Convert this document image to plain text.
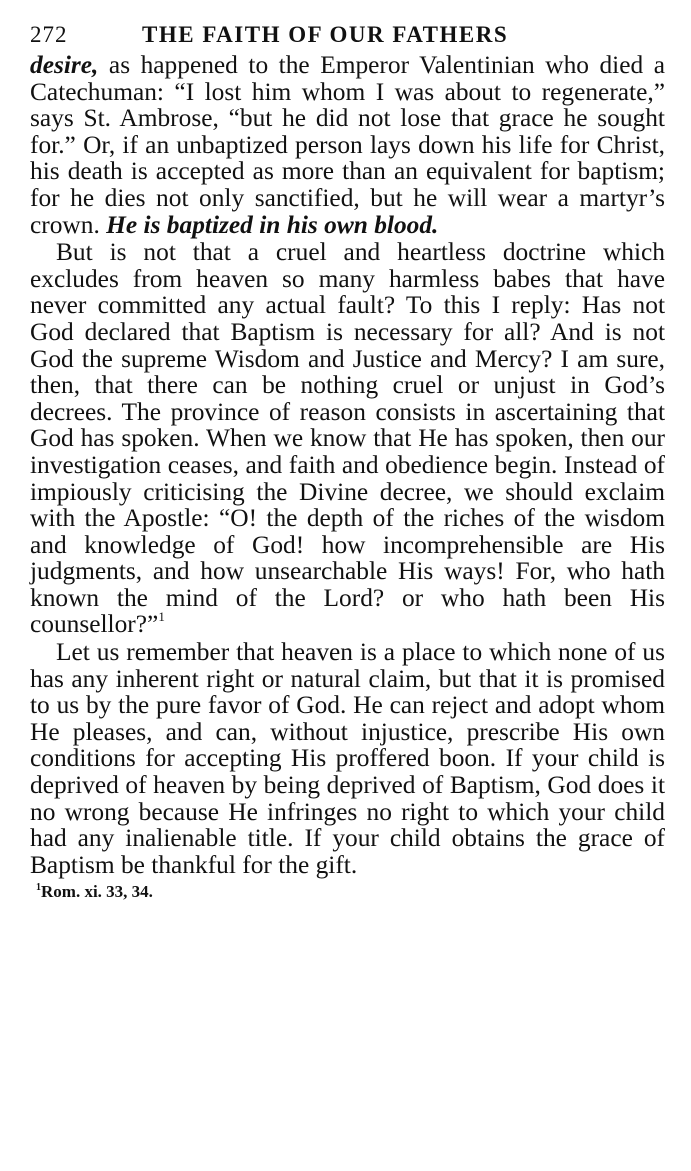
272	THE FAITH OF OUR FATHERS

desire, as happened to the Emperor Valentinian who died a Catechuman: “I lost him whom I was about to regenerate,” says St. Ambrose, “but he did not lose that grace he sought for.” Or, if an unbaptized person lays down his life for Christ, his death is accepted as more than an equivalent for baptism; for he dies not only sanctified, but he will wear a martyr’s crown. He is baptized in his own blood.

But is not that a cruel and heartless doctrine which excludes from heaven so many harmless babes that have never committed any actual fault? To this I reply: Has not God declared that Baptism is necessary for all? And is not God the supreme Wisdom and Justice and Mercy? I am sure, then, that there can be nothing cruel or unjust in God’s decrees. The province of reason consists in ascertaining that God has spoken. When we know that He has spoken, then our investigation ceases, and faith and obedience begin. Instead of impiously criticising the Divine decree, we should exclaim with the Apostle: “O! the depth of the riches of the wisdom and knowledge of God! how incomprehensible are His judgments, and how unsearchable His ways! For, who hath known the mind of the Lord? or who hath been His counsellor?”$^1$

Let us remember that heaven is a place to which none of us has any inherent right or natural claim, but that it is promised to us by the pure favor of God. He can reject and adopt whom He pleases, and can, without injustice, prescribe His own conditions for accepting His proffered boon. If your child is deprived of heaven by being deprived of Baptism, God does it no wrong because He infringes no right to which your child had any inalienable title. If your child obtains the grace of Baptism be thankful for the gift.

$^1$Rom. xi. 33, 34.
